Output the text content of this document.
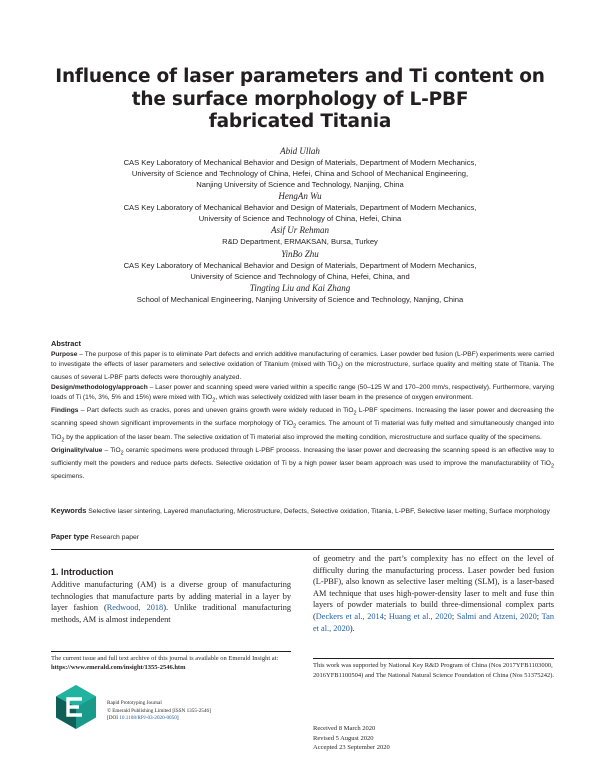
Influence of laser parameters and Ti content on
the surface morphology of L-PBF
fabricated Titania
Abid Ullah
CAS Key Laboratory of Mechanical Behavior and Design of Materials, Department of Modern Mechanics,
University of Science and Technology of China, Hefei, China and School of Mechanical Engineering,
Nanjing University of Science and Technology, Nanjing, China
HengAn Wu
CAS Key Laboratory of Mechanical Behavior and Design of Materials, Department of Modern Mechanics,
University of Science and Technology of China, Hefei, China
Asif Ur Rehman
R&D Department, ERMAKSAN, Bursa, Turkey
YinBo Zhu
CAS Key Laboratory of Mechanical Behavior and Design of Materials, Department of Modern Mechanics,
University of Science and Technology of China, Hefei, China, and
Tingting Liu and Kai Zhang
School of Mechanical Engineering, Nanjing University of Science and Technology, Nanjing, China

Abstract

Purpose – The purpose of this paper is to eliminate Part defects and enrich additive manufacturing of ceramics. Laser powder bed fusion (L-PBF) experiments were carried to investigate the effects of laser parameters and selective oxidation of Titanium (mixed with TiO$_2$) on the microstructure, surface quality and melting state of Titania. The causes of several L-PBF parts defects were thoroughly analyzed.

Design/methodology/approach – Laser power and scanning speed were varied within a specific range (50–125 W and 170–200 mm/s, respectively). Furthermore, varying loads of Ti (1%, 3%, 5% and 15%) were mixed with TiO$_2$, which was selectively oxidized with laser beam in the presence of oxygen environment.

Findings – Part defects such as cracks, pores and uneven grains growth were widely reduced in TiO$_2$ L-PBF specimens. Increasing the laser power and decreasing the scanning speed shown significant improvements in the surface morphology of TiO$_2$ ceramics. The amount of Ti material was fully melted and simultaneously changed into TiO$_2$ by the application of the laser beam. The selective oxidation of Ti material also improved the melting condition, microstructure and surface quality of the specimens.

Originality/value – TiO$_2$ ceramic specimens were produced through L-PBF process. Increasing the laser power and decreasing the scanning speed is an effective way to sufficiently melt the powders and reduce parts defects. Selective oxidation of Ti by a high power laser beam approach was used to improve the manufacturability of TiO$_2$ specimens.

Keywords Selective laser sintering, Layered manufacturing, Microstructure, Defects, Selective oxidation, Titania, L-PBF, Selective laser melting, Surface morphology
Paper type Research paper
1. Introduction
Additive manufacturing (AM) is a diverse group of manufacturing technologies that manufacture parts by adding material in a layer by layer fashion (Redwood, 2018). Unlike traditional manufacturing methods, AM is almost independent
of geometry and the part’s complexity has no effect on the level of difficulty during the manufacturing process. Laser powder bed fusion (L-PBF), also known as selective laser melting (SLM), is a laser-based AM technique that uses high-power-density laser to melt and fuse thin layers of powder materials to build three-dimensional complex parts (Deckers et al., 2014; Huang et al., 2020; Salmi and Atzeni, 2020; Tan et al., 2020).
The current issue and full text archive of this journal is available on Emerald Insight at: https://www.emerald.com/insight/1355-2546.htm
Rapid Prototyping Journal
© Emerald Publishing Limited [ISSN 1355-2546]
[DOI 10.1108/RPJ-03-2020-0050]
This work was supported by National Key R&D Program of China (Nos 2017YFB1103000, 2016YFB1100504) and The National Natural Science Foundation of China (Nos 51375242).
Received 8 March 2020
Revised 5 August 2020
Accepted 23 September 2020
